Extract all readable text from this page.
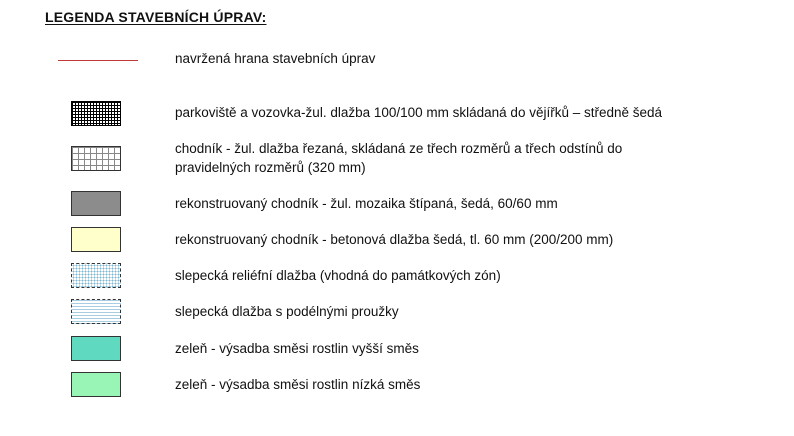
LEGENDA STAVEBNÍCH ÚPRAV:
navržená hrana stavebních úprav
parkoviště a vozovka-žul. dlažba 100/100 mm skládaná do vějířků – středně šedá
chodník - žul. dlažba řezaná, skládaná ze třech rozměrů a třech odstínů do
pravidelných rozměrů (320 mm)
rekonstruovaný chodník - žul. mozaika štípaná, šedá, 60/60 mm
rekonstruovaný chodník - betonová dlažba šedá, tl. 60 mm (200/200 mm)
slepecká reliéfní dlažba (vhodná do památkových zón)
slepecká dlažba s podélnými proužky
zeleň - výsadba směsi rostlin vyšší směs
zeleň - výsadba směsi rostlin nízká směs
